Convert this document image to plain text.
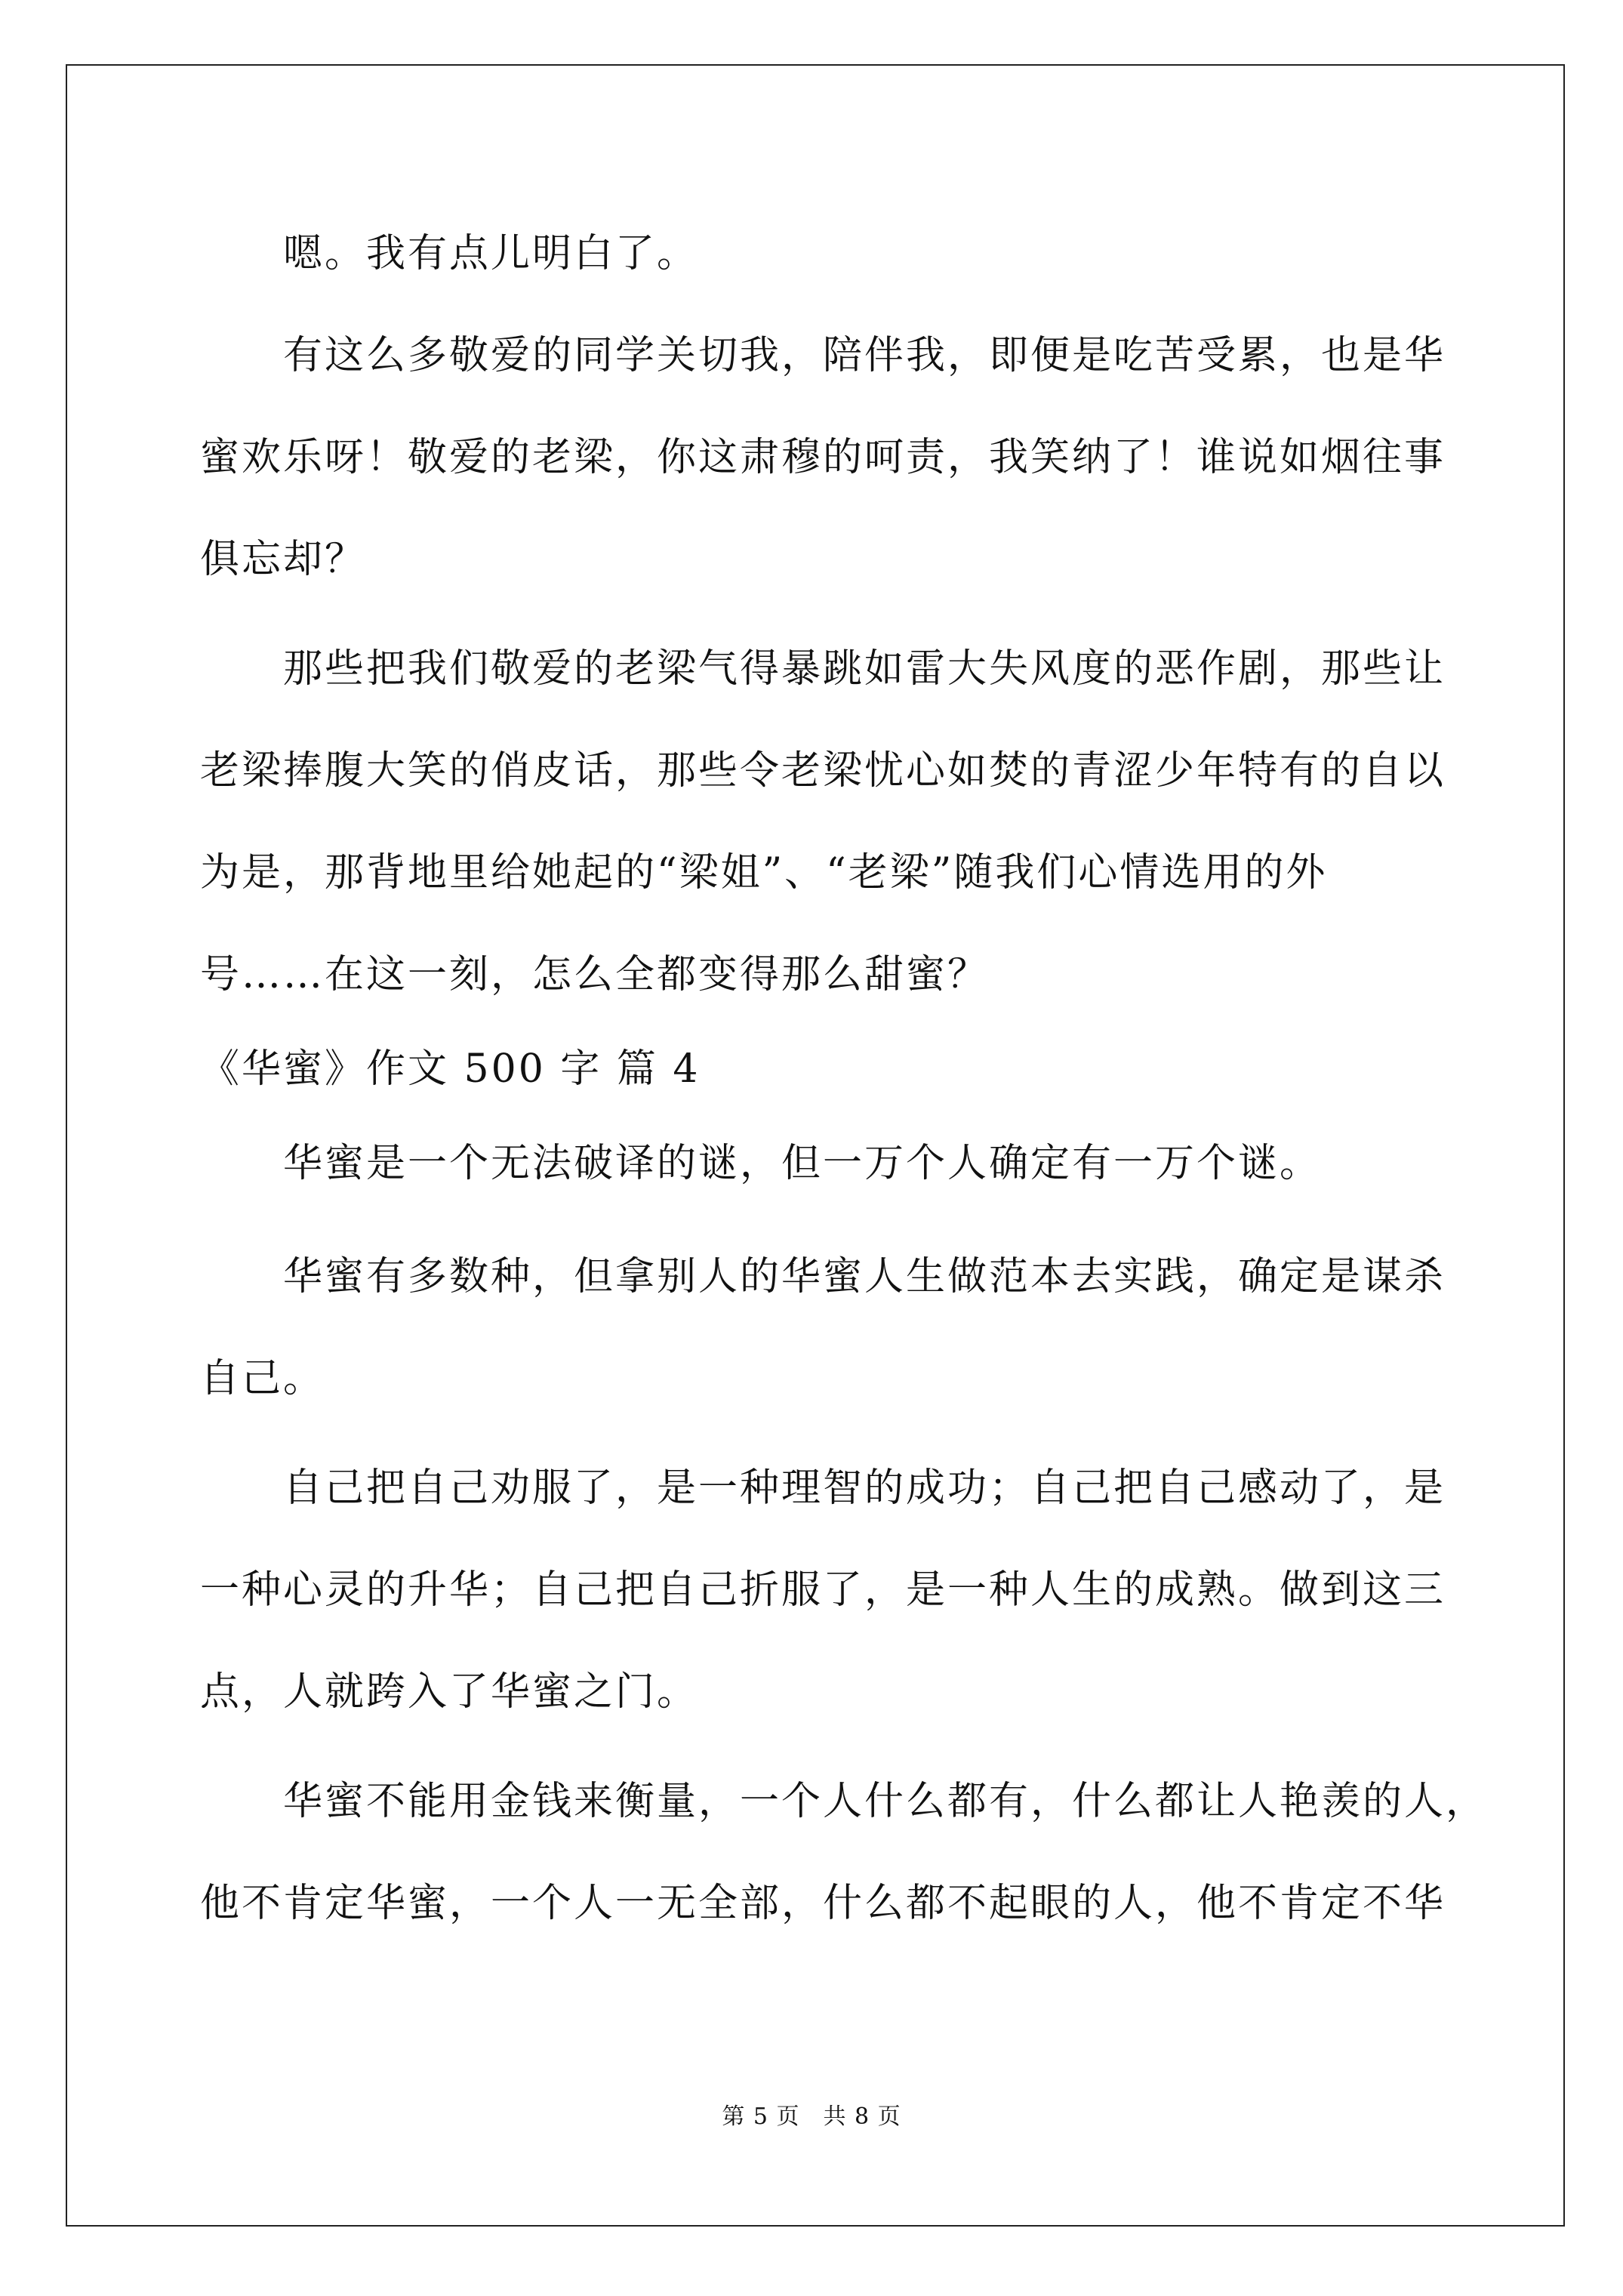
　　嗯。我有点儿明白了。
　　有这么多敬爱的同学关切我，陪伴我，即便是吃苦受累，也是华
蜜欢乐呀！敬爱的老梁，你这肃穆的呵责，我笑纳了！谁说如烟往事
俱忘却？
　　那些把我们敬爱的老梁气得暴跳如雷大失风度的恶作剧，那些让
老梁捧腹大笑的俏皮话，那些令老梁忧心如焚的青涩少年特有的自以
为是，那背地里给她起的“梁姐”、“老梁”随我们心情选用的外
号……在这一刻，怎么全都变得那么甜蜜？
《华蜜》作文 500 字 篇 4
　　华蜜是一个无法破译的谜，但一万个人确定有一万个谜。
　　华蜜有多数种，但拿别人的华蜜人生做范本去实践，确定是谋杀
自己。
　　自己把自己劝服了，是一种理智的成功；自己把自己感动了，是
一种心灵的升华；自己把自己折服了，是一种人生的成熟。做到这三
点，人就跨入了华蜜之门。
　　华蜜不能用金钱来衡量，一个人什么都有，什么都让人艳羡的人，
他不肯定华蜜，一个人一无全部，什么都不起眼的人，他不肯定不华
第 5 页　共 8 页
